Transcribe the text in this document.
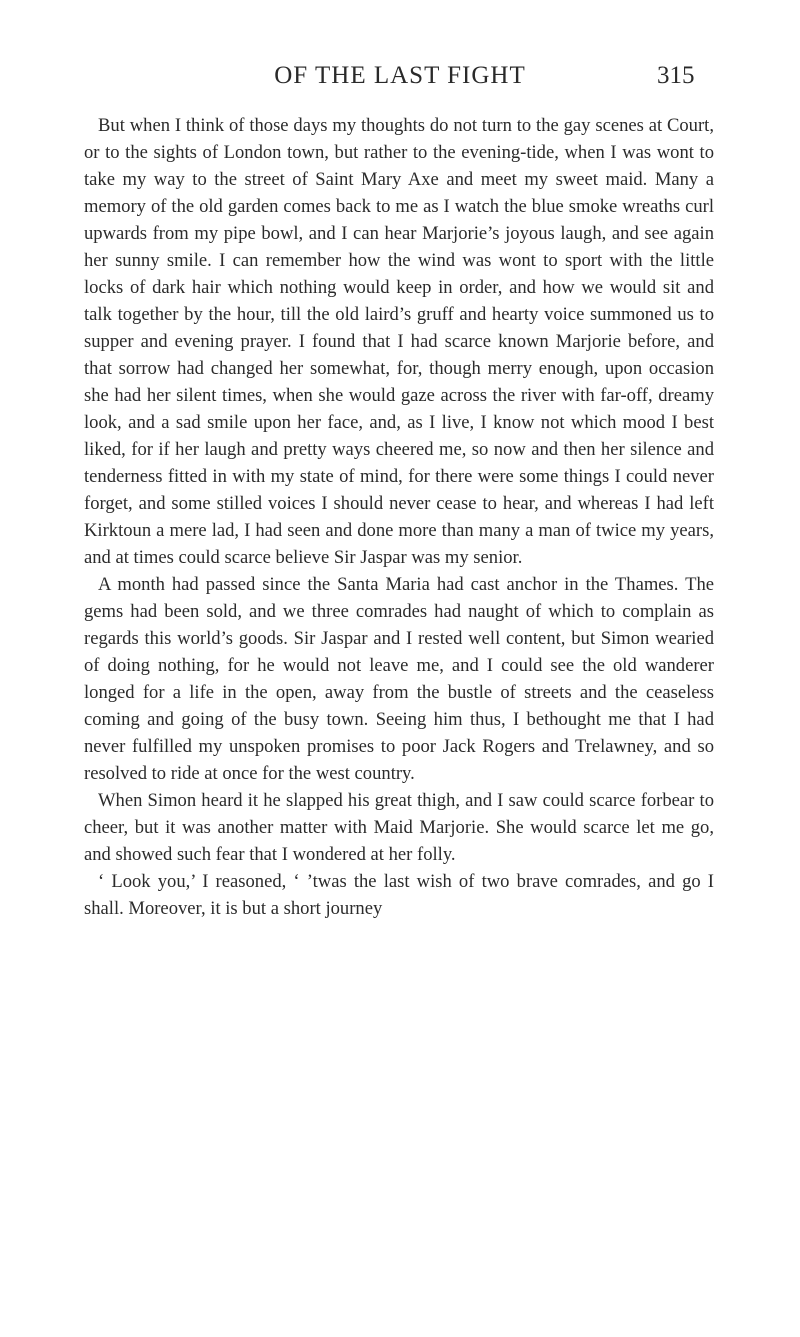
OF THE LAST FIGHT	315

But when I think of those days my thoughts do not turn to the gay scenes at Court, or to the sights of London town, but rather to the evening-tide, when I was wont to take my way to the street of Saint Mary Axe and meet my sweet maid. Many a memory of the old garden comes back to me as I watch the blue smoke wreaths curl upwards from my pipe bowl, and I can hear Marjorie’s joyous laugh, and see again her sunny smile. I can remember how the wind was wont to sport with the little locks of dark hair which nothing would keep in order, and how we would sit and talk together by the hour, till the old laird’s gruff and hearty voice summoned us to supper and evening prayer. I found that I had scarce known Marjorie before, and that sorrow had changed her somewhat, for, though merry enough, upon occasion she had her silent times, when she would gaze across the river with far-off, dreamy look, and a sad smile upon her face, and, as I live, I know not which mood I best liked, for if her laugh and pretty ways cheered me, so now and then her silence and tenderness fitted in with my state of mind, for there were some things I could never forget, and some stilled voices I should never cease to hear, and whereas I had left Kirktoun a mere lad, I had seen and done more than many a man of twice my years, and at times could scarce believe Sir Jaspar was my senior.

A month had passed since the Santa Maria had cast anchor in the Thames. The gems had been sold, and we three comrades had naught of which to complain as regards this world’s goods. Sir Jaspar and I rested well content, but Simon wearied of doing nothing, for he would not leave me, and I could see the old wanderer longed for a life in the open, away from the bustle of streets and the ceaseless coming and going of the busy town. Seeing him thus, I bethought me that I had never fulfilled my unspoken promises to poor Jack Rogers and Trelawney, and so resolved to ride at once for the west country.

When Simon heard it he slapped his great thigh, and I saw could scarce forbear to cheer, but it was another matter with Maid Marjorie. She would scarce let me go, and showed such fear that I wondered at her folly.

‘ Look you,’ I reasoned, ‘ ’twas the last wish of two brave comrades, and go I shall. Moreover, it is but a short journey
